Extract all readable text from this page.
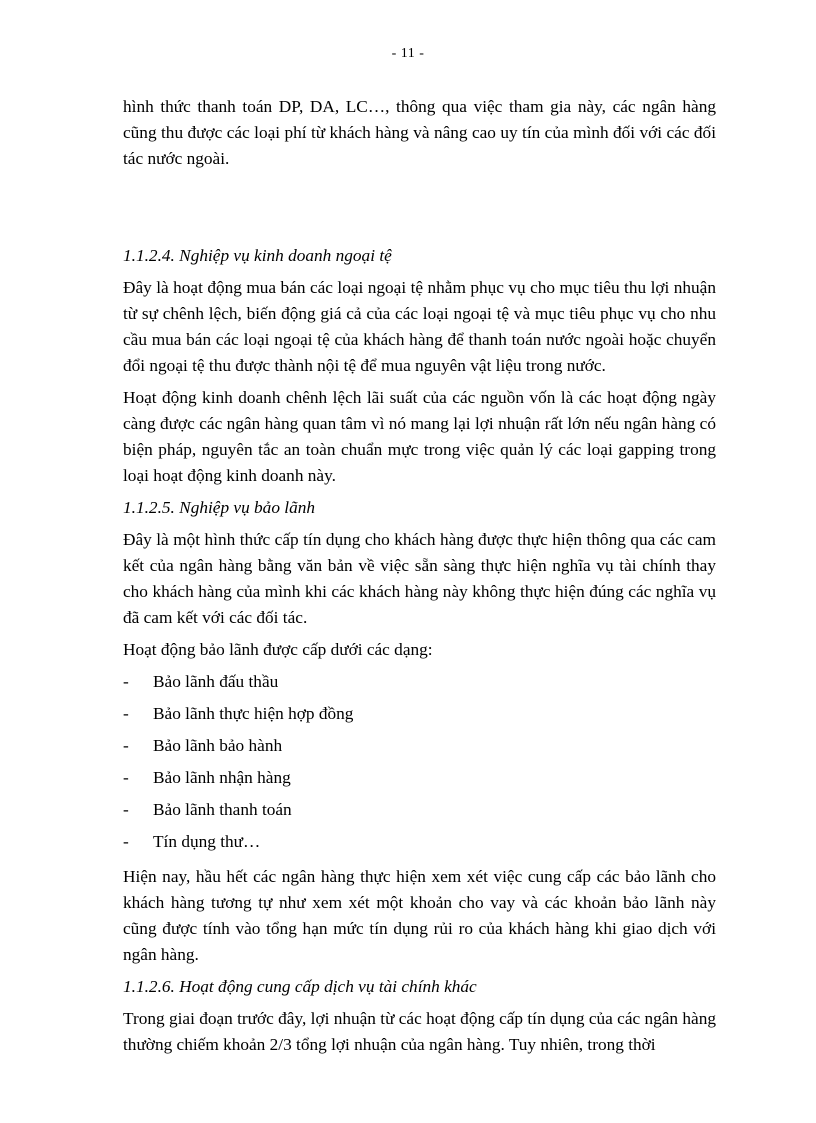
- 11 -

hình thức thanh toán DP, DA, LC…, thông qua việc tham gia này, các ngân hàng cũng thu được các loại phí từ khách hàng và nâng cao uy tín của mình đối với các đối tác nước ngoài.

1.1.2.4. Nghiệp vụ kinh doanh ngoại tệ

Đây là hoạt động mua bán các loại ngoại tệ nhằm phục vụ cho mục tiêu thu lợi nhuận từ sự chênh lệch, biến động giá cả của các loại ngoại tệ và mục tiêu phục vụ cho nhu cầu mua bán các loại ngoại tệ của khách hàng để thanh toán nước ngoài hoặc chuyển đổi ngoại tệ thu được thành nội tệ để mua nguyên vật liệu trong nước.

Hoạt động kinh doanh chênh lệch lãi suất của các nguồn vốn là các hoạt động ngày càng được các ngân hàng quan tâm vì nó mang lại lợi nhuận rất lớn nếu ngân hàng có biện pháp, nguyên tắc an toàn chuẩn mực trong việc quản lý các loại gapping trong loại hoạt động kinh doanh này.

1.1.2.5. Nghiệp vụ bảo lãnh

Đây là một hình thức cấp tín dụng cho khách hàng được thực hiện thông qua các cam kết của ngân hàng bằng văn bản về việc sẵn sàng thực hiện nghĩa vụ tài chính thay cho khách hàng của mình khi các khách hàng này không thực hiện đúng các nghĩa vụ đã cam kết với các đối tác.

Hoạt động bảo lãnh được cấp dưới các dạng:

- Bảo lãnh đấu thầu
- Bảo lãnh thực hiện hợp đồng
- Bảo lãnh bảo hành
- Bảo lãnh nhận hàng
- Bảo lãnh thanh toán
- Tín dụng thư…

Hiện nay, hầu hết các ngân hàng thực hiện xem xét việc cung cấp các bảo lãnh cho khách hàng tương tự như xem xét một khoản cho vay và các khoản bảo lãnh này cũng được tính vào tổng hạn mức tín dụng rủi ro của khách hàng khi giao dịch với ngân hàng.

1.1.2.6. Hoạt động cung cấp dịch vụ tài chính khác

Trong giai đoạn trước đây, lợi nhuận từ các hoạt động cấp tín dụng của các ngân hàng thường chiếm khoản 2/3 tổng lợi nhuận của ngân hàng. Tuy nhiên, trong thời
